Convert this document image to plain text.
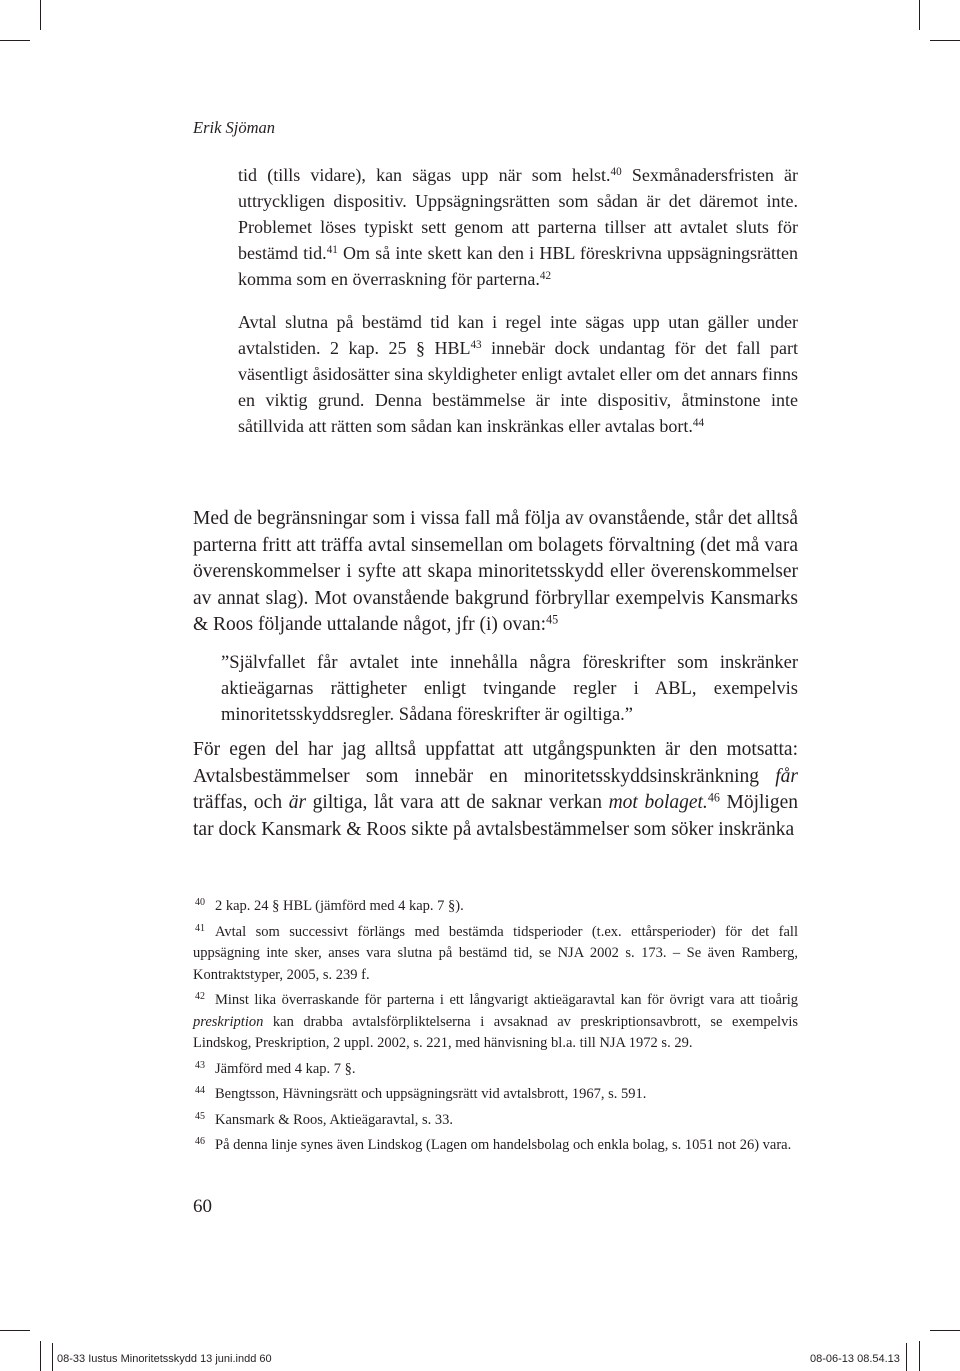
Erik Sjöman

tid (tills vidare), kan sägas upp när som helst.$^{40}$ Sexmånadersfristen är uttryckligen dispositiv. Uppsägningsrätten som sådan är det däremot inte. Problemet löses typiskt sett genom att parterna tillser att avtalet sluts för bestämd tid.$^{41}$ Om så inte skett kan den i HBL föreskrivna uppsägningsrätten komma som en överraskning för parterna.$^{42}$

Avtal slutna på bestämd tid kan i regel inte sägas upp utan gäller under avtalstiden. 2 kap. 25 § HBL$^{43}$ innebär dock undantag för det fall part väsentligt åsidosätter sina skyldigheter enligt avtalet eller om det annars finns en viktig grund. Denna bestämmelse är inte dispositiv, åtminstone inte såtillvida att rätten som sådan kan inskränkas eller avtalas bort.$^{44}$

Med de begränsningar som i vissa fall må följa av ovanstående, står det alltså parterna fritt att träffa avtal sinsemellan om bolagets förvaltning (det må vara överenskommelser i syfte att skapa minoritetsskydd eller överenskommelser av annat slag). Mot ovanstående bakgrund förbryllar exempelvis Kansmarks & Roos följande uttalande något, jfr (i) ovan:$^{45}$

”Självfallet får avtalet inte innehålla några föreskrifter som inskränker aktieägarnas rättigheter enligt tvingande regler i ABL, exempelvis minoritetsskyddsregler. Sådana föreskrifter är ogiltiga.”

För egen del har jag alltså uppfattat att utgångspunkten är den motsatta: Avtalsbestämmelser som innebär en minoritetsskyddsinskränkning får träffas, och är giltiga, låt vara att de saknar verkan mot bolaget.$^{46}$ Möjligen tar dock Kansmark & Roos sikte på avtalsbestämmelser som söker inskränka

$^{40}$ 2 kap. 24 § HBL (jämförd med 4 kap. 7 §).

$^{41}$ Avtal som successivt förlängs med bestämda tidsperioder (t.ex. ettårsperioder) för det fall uppsägning inte sker, anses vara slutna på bestämd tid, se NJA 2002 s. 173. – Se även Ramberg, Kontraktstyper, 2005, s. 239 f.

$^{42}$ Minst lika överraskande för parterna i ett långvarigt aktieägaravtal kan för övrigt vara att tioårig preskription kan drabba avtalsförpliktelserna i avsaknad av preskriptionsavbrott, se exempelvis Lindskog, Preskription, 2 uppl. 2002, s. 221, med hänvisning bl.a. till NJA 1972 s. 29.

$^{43}$ Jämförd med 4 kap. 7 §.

$^{44}$ Bengtsson, Hävningsrätt och uppsägningsrätt vid avtalsbrott, 1967, s. 591.

$^{45}$ Kansmark & Roos, Aktieägaravtal, s. 33.

$^{46}$ På denna linje synes även Lindskog (Lagen om handelsbolag och enkla bolag, s. 1051 not 26) vara.

60
08-33 Iustus Minoritetsskydd 13 juni.indd 60	08-06-13 08.54.13
